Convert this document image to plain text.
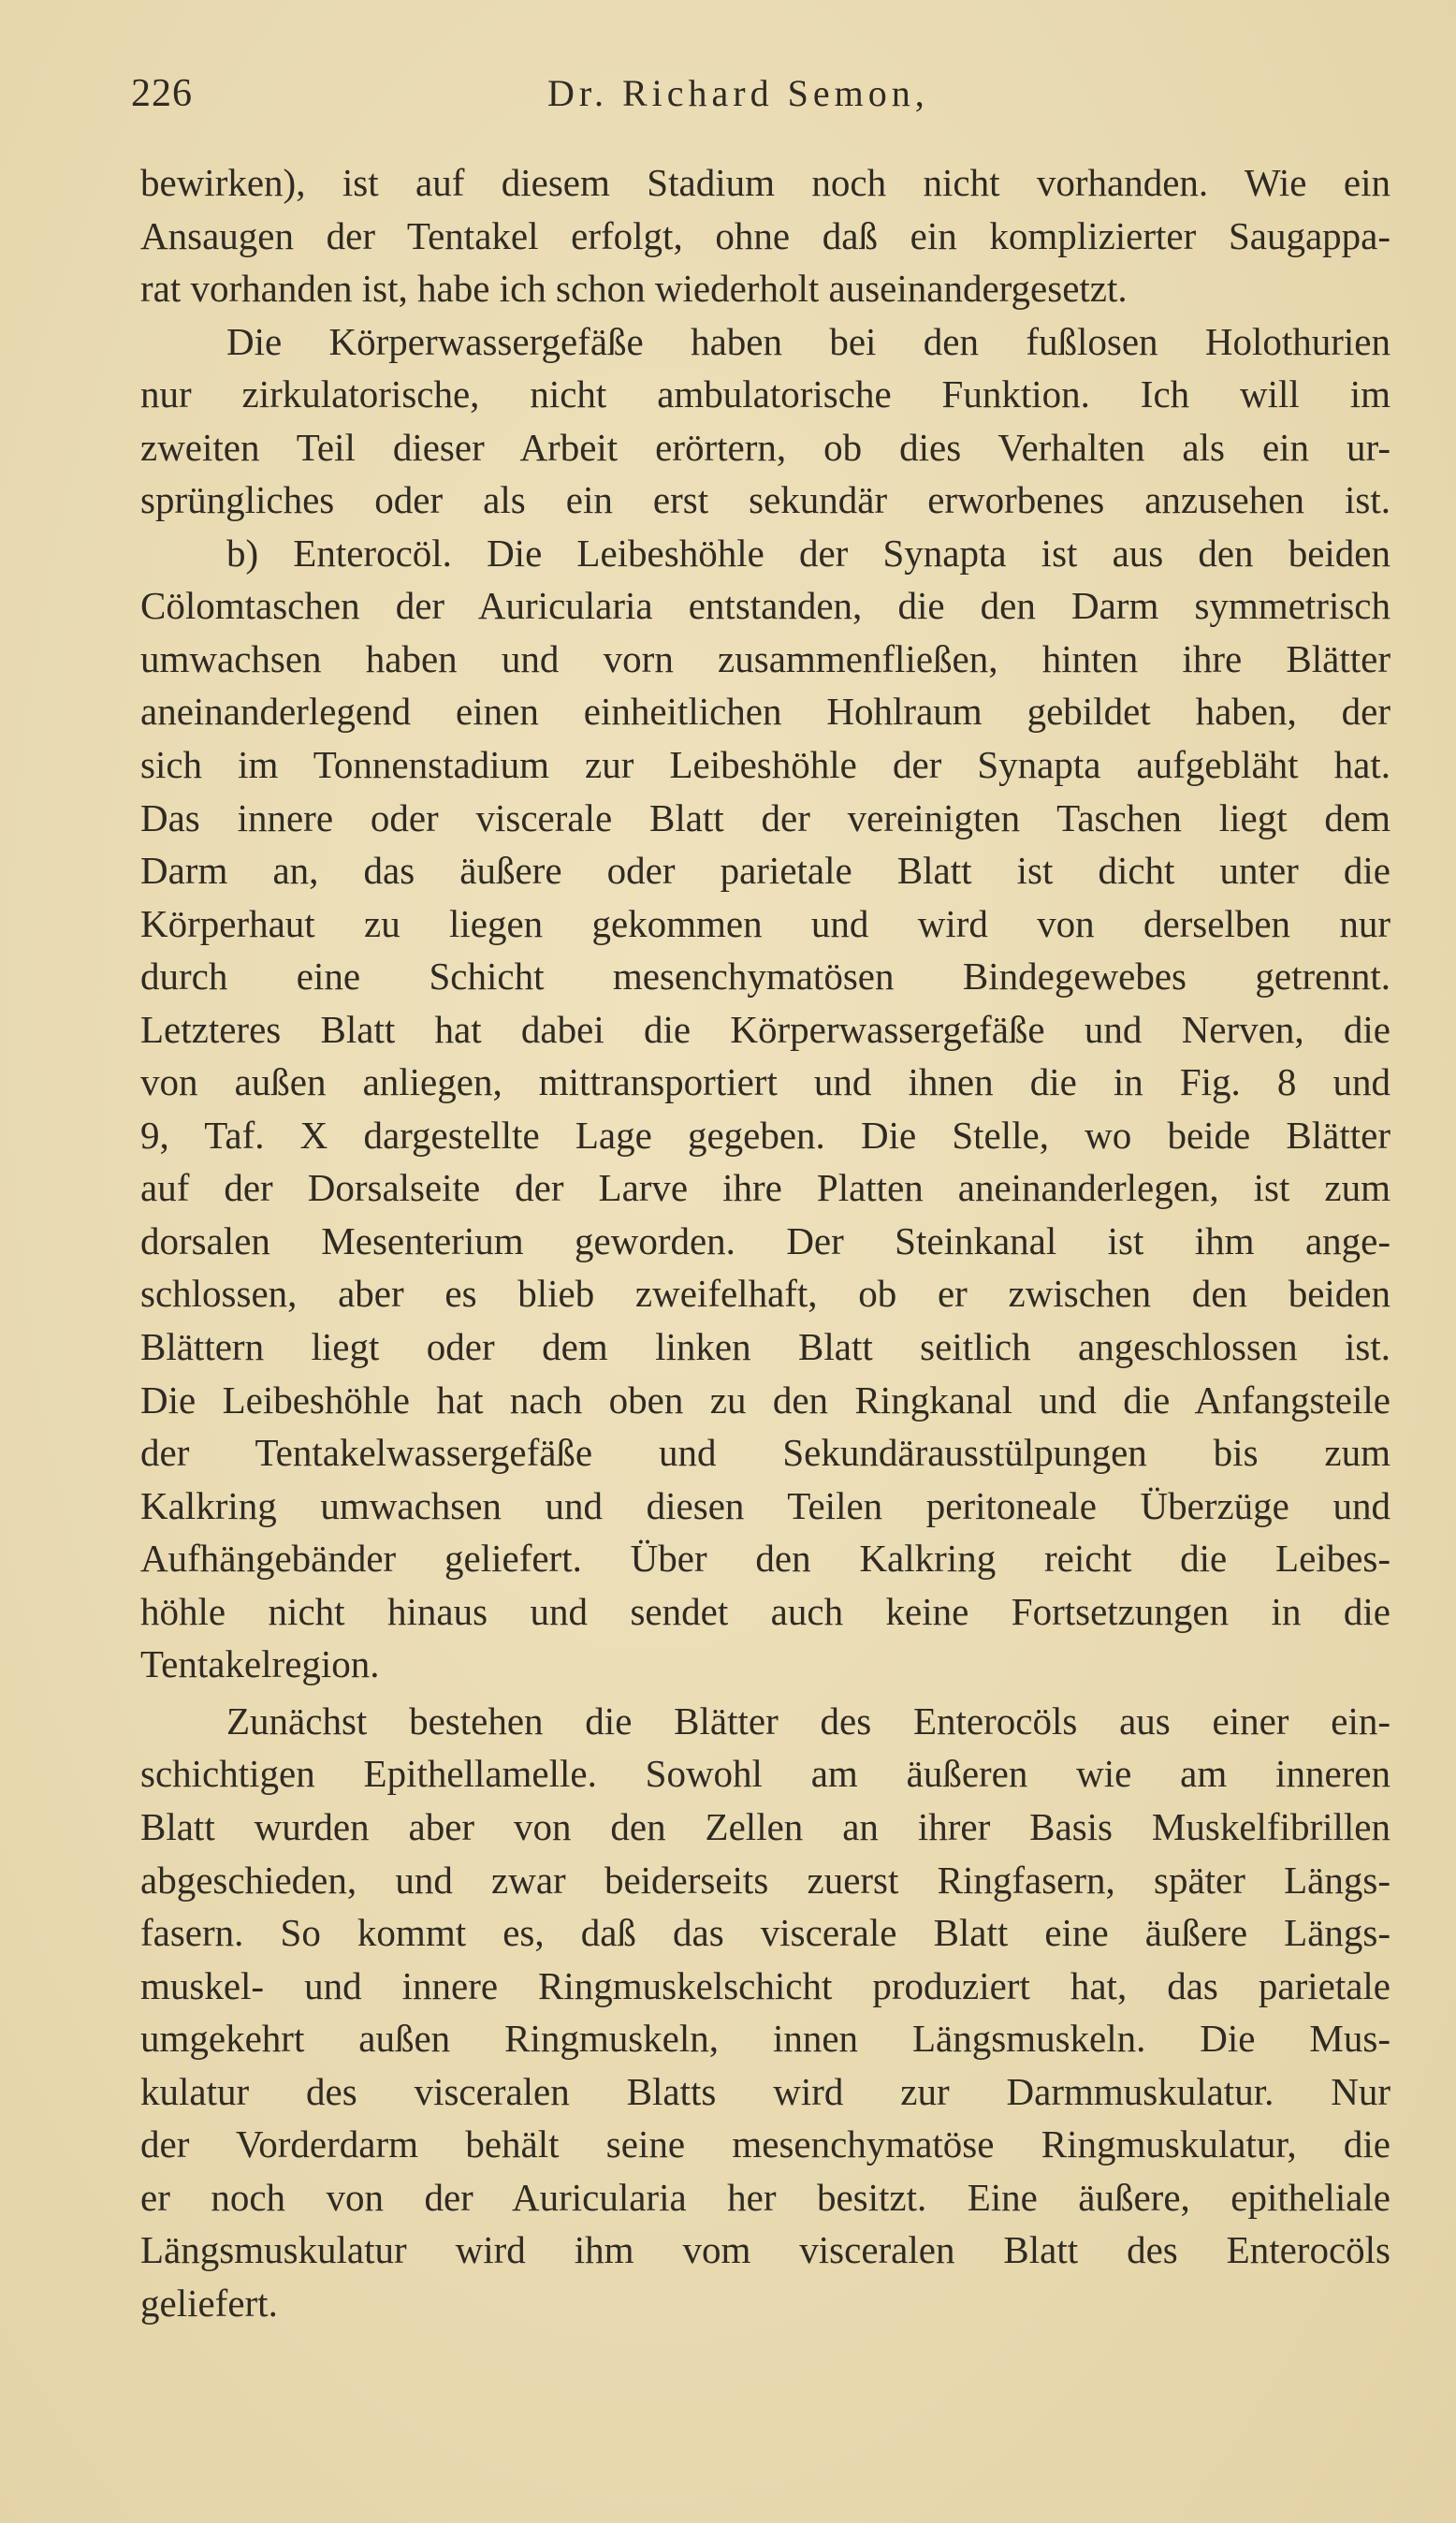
226	Dr. Richard Semon,
bewirken), ist auf diesem Stadium noch nicht vorhanden. Wie ein
Ansaugen der Tentakel erfolgt, ohne daß ein komplizierter Saugappa-
rat vorhanden ist, habe ich schon wiederholt auseinandergesetzt.
Die Körperwassergefäße haben bei den fußlosen Holothurien
nur zirkulatorische, nicht ambulatorische Funktion. Ich will im
zweiten Teil dieser Arbeit erörtern, ob dies Verhalten als ein ur-
sprüngliches oder als ein erst sekundär erworbenes anzusehen ist.
b) Enterocöl. Die Leibeshöhle der Synapta ist aus den beiden
Cölomtaschen der Auricularia entstanden, die den Darm symmetrisch
umwachsen haben und vorn zusammenfließen, hinten ihre Blätter
aneinanderlegend einen einheitlichen Hohlraum gebildet haben, der
sich im Tonnenstadium zur Leibeshöhle der Synapta aufgebläht hat.
Das innere oder viscerale Blatt der vereinigten Taschen liegt dem
Darm an, das äußere oder parietale Blatt ist dicht unter die
Körperhaut zu liegen gekommen und wird von derselben nur
durch eine Schicht mesenchymatösen Bindegewebes getrennt.
Letzteres Blatt hat dabei die Körperwassergefäße und Nerven, die
von außen anliegen, mittransportiert und ihnen die in Fig. 8 und
9, Taf. X dargestellte Lage gegeben. Die Stelle, wo beide Blätter
auf der Dorsalseite der Larve ihre Platten aneinanderlegen, ist zum
dorsalen Mesenterium geworden. Der Steinkanal ist ihm ange-
schlossen, aber es blieb zweifelhaft, ob er zwischen den beiden
Blättern liegt oder dem linken Blatt seitlich angeschlossen ist.
Die Leibeshöhle hat nach oben zu den Ringkanal und die Anfangsteile
der Tentakelwassergefäße und Sekundärausstülpungen bis zum
Kalkring umwachsen und diesen Teilen peritoneale Überzüge und
Aufhängebänder geliefert. Über den Kalkring reicht die Leibes-
höhle nicht hinaus und sendet auch keine Fortsetzungen in die
Tentakelregion.
Zunächst bestehen die Blätter des Enterocöls aus einer ein-
schichtigen Epithellamelle. Sowohl am äußeren wie am inneren
Blatt wurden aber von den Zellen an ihrer Basis Muskelfibrillen
abgeschieden, und zwar beiderseits zuerst Ringfasern, später Längs-
fasern. So kommt es, daß das viscerale Blatt eine äußere Längs-
muskel- und innere Ringmuskelschicht produziert hat, das parietale
umgekehrt außen Ringmuskeln, innen Längsmuskeln. Die Mus-
kulatur des visceralen Blatts wird zur Darmmuskulatur. Nur
der Vorderdarm behält seine mesenchymatöse Ringmuskulatur, die
er noch von der Auricularia her besitzt. Eine äußere, epitheliale
Längsmuskulatur wird ihm vom visceralen Blatt des Enterocöls
geliefert.
